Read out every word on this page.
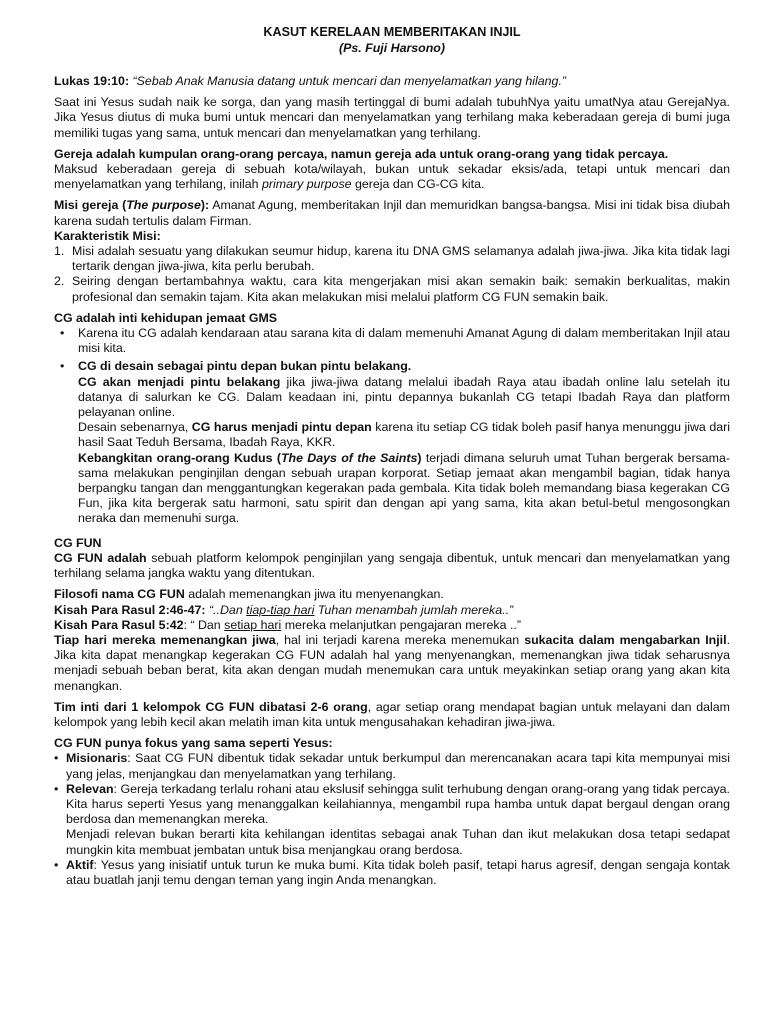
KASUT KERELAAN MEMBERITAKAN INJIL

(Ps. Fuji Harsono)

Lukas 19:10: “Sebab Anak Manusia datang untuk mencari dan menyelamatkan yang hilang.”

Saat ini Yesus sudah naik ke sorga, dan yang masih tertinggal di bumi adalah tubuhNya yaitu umatNya atau GerejaNya. Jika Yesus diutus di muka bumi untuk mencari dan menyelamatkan yang terhilang maka keberadaan gereja di bumi juga memiliki tugas yang sama, untuk mencari dan menyelamatkan yang terhilang.

Gereja adalah kumpulan orang-orang percaya, namun gereja ada untuk orang-orang yang tidak percaya.

Maksud keberadaan gereja di sebuah kota/wilayah, bukan untuk sekadar eksis/ada, tetapi untuk mencari dan menyelamatkan yang terhilang, inilah primary purpose gereja dan CG-CG kita.

Misi gereja (The purpose): Amanat Agung, memberitakan Injil dan memuridkan bangsa-bangsa. Misi ini tidak bisa diubah karena sudah tertulis dalam Firman.

Karakteristik Misi:

1. Misi adalah sesuatu yang dilakukan seumur hidup, karena itu DNA GMS selamanya adalah jiwa-jiwa. Jika kita tidak lagi tertarik dengan jiwa-jiwa, kita perlu berubah.
2. Seiring dengan bertambahnya waktu, cara kita mengerjakan misi akan semakin baik: semakin berkualitas, makin profesional dan semakin tajam. Kita akan melakukan misi melalui platform CG FUN semakin baik.

CG adalah inti kehidupan jemaat GMS

• Karena itu CG adalah kendaraan atau sarana kita di dalam memenuhi Amanat Agung di dalam memberitakan Injil atau misi kita.
• CG di desain sebagai pintu depan bukan pintu belakang.
CG akan menjadi pintu belakang jika jiwa-jiwa datang melalui ibadah Raya atau ibadah online lalu setelah itu datanya di salurkan ke CG. Dalam keadaan ini, pintu depannya bukanlah CG tetapi Ibadah Raya dan platform pelayanan online.
Desain sebenarnya, CG harus menjadi pintu depan karena itu setiap CG tidak boleh pasif hanya menunggu jiwa dari hasil Saat Teduh Bersama, Ibadah Raya, KKR.
Kebangkitan orang-orang Kudus (The Days of the Saints) terjadi dimana seluruh umat Tuhan bergerak bersama-sama melakukan penginjilan dengan sebuah urapan korporat. Setiap jemaat akan mengambil bagian, tidak hanya berpangku tangan dan menggantungkan kegerakan pada gembala. Kita tidak boleh memandang biasa kegerakan CG Fun, jika kita bergerak satu harmoni, satu spirit dan dengan api yang sama, kita akan betul-betul mengosongkan neraka dan memenuhi surga.

CG FUN

CG FUN adalah sebuah platform kelompok penginjilan yang sengaja dibentuk, untuk mencari dan menyelamatkan yang terhilang selama jangka waktu yang ditentukan.

Filosofi nama CG FUN adalah memenangkan jiwa itu menyenangkan.

Kisah Para Rasul 2:46-47: “..Dan tiap-tiap hari Tuhan menambah jumlah mereka..”

Kisah Para Rasul 5:42: “ Dan setiap hari mereka melanjutkan pengajaran mereka ..”

Tiap hari mereka memenangkan jiwa, hal ini terjadi karena mereka menemukan sukacita dalam mengabarkan Injil. Jika kita dapat menangkap kegerakan CG FUN adalah hal yang menyenangkan, memenangkan jiwa tidak seharusnya menjadi sebuah beban berat, kita akan dengan mudah menemukan cara untuk meyakinkan setiap orang yang akan kita menangkan.

Tim inti dari 1 kelompok CG FUN dibatasi 2-6 orang, agar setiap orang mendapat bagian untuk melayani dan dalam kelompok yang lebih kecil akan melatih iman kita untuk mengusahakan kehadiran jiwa-jiwa.

CG FUN punya fokus yang sama seperti Yesus:

• Misionaris: Saat CG FUN dibentuk tidak sekadar untuk berkumpul dan merencanakan acara tapi kita mempunyai misi yang jelas, menjangkau dan menyelamatkan yang terhilang.
• Relevan: Gereja terkadang terlalu rohani atau ekslusif sehingga sulit terhubung dengan orang-orang yang tidak percaya. Kita harus seperti Yesus yang menanggalkan keilahiannya, mengambil rupa hamba untuk dapat bergaul dengan orang berdosa dan memenangkan mereka.
Menjadi relevan bukan berarti kita kehilangan identitas sebagai anak Tuhan dan ikut melakukan dosa tetapi sedapat mungkin kita membuat jembatan untuk bisa menjangkau orang berdosa.
• Aktif: Yesus yang inisiatif untuk turun ke muka bumi. Kita tidak boleh pasif, tetapi harus agresif, dengan sengaja kontak atau buatlah janji temu dengan teman yang ingin Anda menangkan.
